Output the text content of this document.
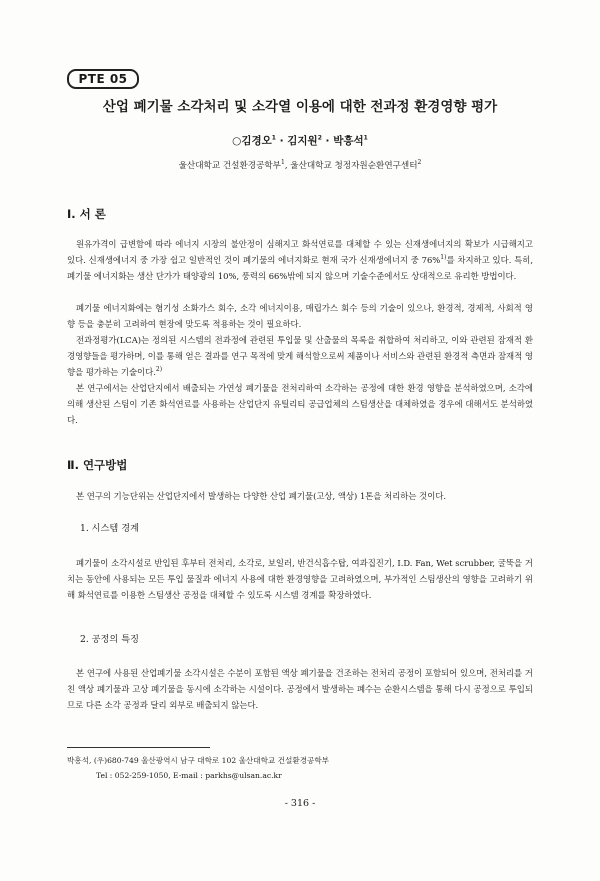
PTE 05
산업 폐기물 소각처리 및 소각열 이용에 대한 전과정 환경영향 평가
○김경오$^1$ · 김지원$^2$ · 박흥석$^1$
울산대학교 건설환경공학부$^1$, 울산대학교 청정자원순환연구센터$^2$
Ⅰ. 서 론
원유가격이 급변함에 따라 에너지 시장의 불안정이 심해지고 화석연료를 대체할 수 있는 신재생에너지의 확보가 시급해지고 있다. 신재생에너지 중 가장 쉽고 일반적인 것이 폐기물의 에너지화로 현재 국가 신재생에너지 중 76%$^{1)}$를 차지하고 있다. 특히, 폐기물 에너지화는 생산 단가가 태양광의 10%, 풍력의 66%밖에 되지 않으며 기술수준에서도 상대적으로 유리한 방법이다.
폐기물 에너지화에는 혐기성 소화가스 회수, 소각 에너지이용, 매립가스 회수 등의 기술이 있으나, 환경적, 경제적, 사회적 영향 등을 충분히 고려하여 현장에 맞도록 적용하는 것이 필요하다.
전과정평가(LCA)는 정의된 시스템의 전과정에 관련된 투입물 및 산출물의 목록을 취합하여 처리하고, 이와 관련된 잠재적 환경영향들을 평가하며, 이를 통해 얻은 결과를 연구 목적에 맞게 해석함으로써 제품이나 서비스와 관련된 환경적 측면과 잠재적 영향을 평가하는 기술이다.$^{2)}$
본 연구에서는 산업단지에서 배출되는 가연성 폐기물을 전처리하여 소각하는 공정에 대한 환경 영향을 분석하였으며, 소각에 의해 생산된 스팀이 기존 화석연료를 사용하는 산업단지 유틸리티 공급업체의 스팀생산을 대체하였을 경우에 대해서도 분석하였다.
Ⅱ. 연구방법
본 연구의 기능단위는 산업단지에서 발생하는 다양한 산업 폐기물(고상, 액상) 1톤을 처리하는 것이다.
1. 시스템 경계
폐기물이 소각시설로 반입된 후부터 전처리, 소각로, 보일러, 반건식흡수탑, 여과집진기, I.D. Fan, Wet scrubber, 굴뚝을 거치는 동안에 사용되는 모든 투입 물질과 에너지 사용에 대한 환경영향을 고려하였으며, 부가적인 스팀생산의 영향을 고려하기 위해 화석연료를 이용한 스팀생산 공정을 대체할 수 있도록 시스템 경계를 확장하였다.
2. 공정의 특징
본 연구에 사용된 산업폐기물 소각시설은 수분이 포함된 액상 폐기물을 건조하는 전처리 공정이 포함되어 있으며, 전처리를 거친 액상 폐기물과 고상 폐기물을 동시에 소각하는 시설이다. 공정에서 발생하는 폐수는 순환시스템을 통해 다시 공정으로 투입되므로 다른 소각 공정과 달리 외부로 배출되지 않는다.
박흥석, (우)680-749 울산광역시 남구 대학로 102 울산대학교 건설환경공학부
Tel : 052-259-1050, E-mail : parkhs@ulsan.ac.kr
- 316 -
